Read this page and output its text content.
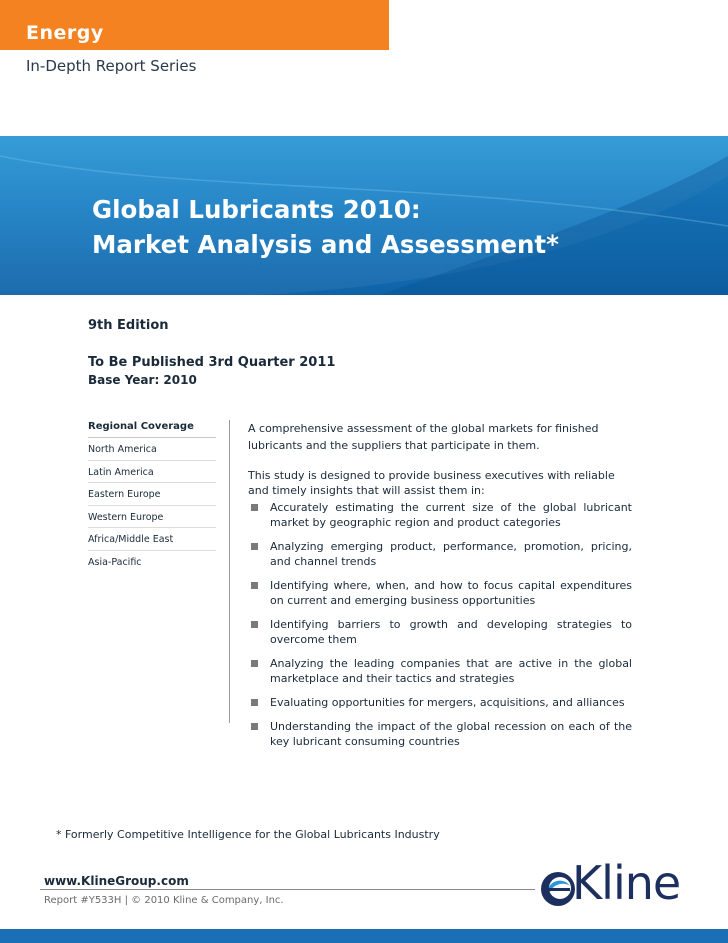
Energy
In-Depth Report Series
Global Lubricants 2010:
Market Analysis and Assessment*
9th Edition
To Be Published 3rd Quarter 2011
Base Year: 2010
Regional Coverage
North America
Latin America
Eastern Europe
Western Europe
Africa/Middle East
Asia-Pacific

A comprehensive assessment of the global markets for finished lubricants and the suppliers that participate in them.

This study is designed to provide business executives with reliable and timely insights that will assist them in:

Accurately estimating the current size of the global lubricant market by geographic region and product categories
Analyzing emerging product, performance, promotion, pricing, and channel trends
Identifying where, when, and how to focus capital expenditures on current and emerging business opportunities
Identifying barriers to growth and developing strategies to overcome them
Analyzing the leading companies that are active in the global marketplace and their tactics and strategies
Evaluating opportunities for mergers, acquisitions, and alliances
Understanding the impact of the global recession on each of the key lubricant consuming countries
* Formerly Competitive Intelligence for the Global Lubricants Industry
www.KlineGroup.com
Report #Y533H | © 2010 Kline & Company, Inc.	Kline
